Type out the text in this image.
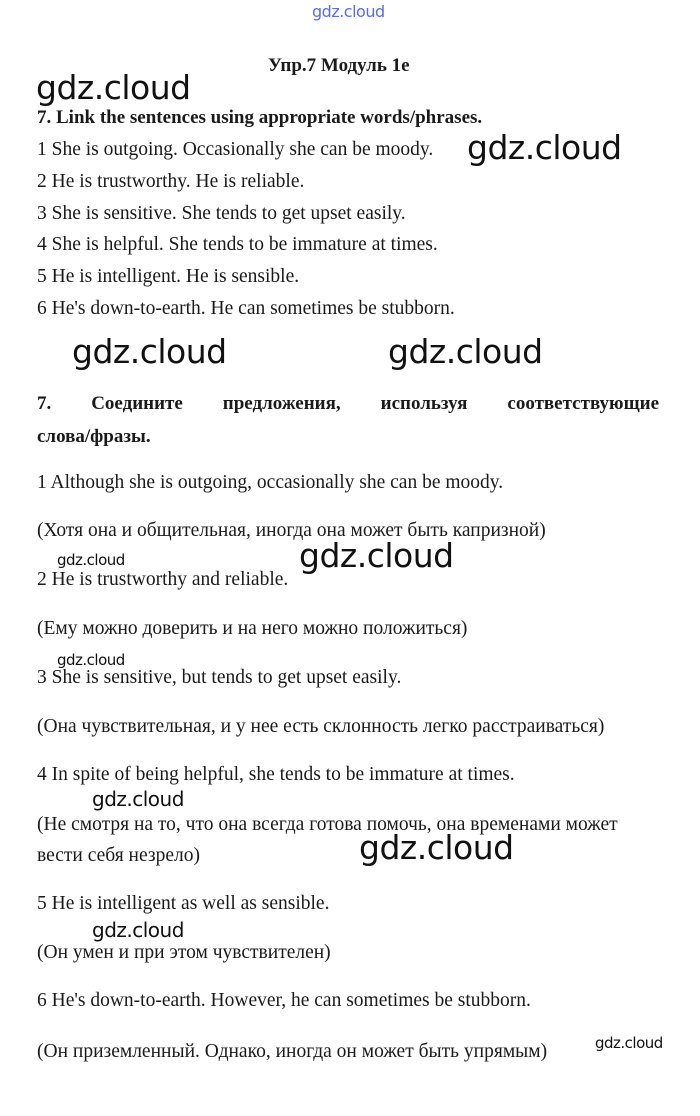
gdz.cloud
Упр.7 Модуль 1e
7. Link the sentences using appropriate words/phrases.
1 She is outgoing. Occasionally she can be moody.
2 He is trustworthy. He is reliable.
3 She is sensitive. She tends to get upset easily.
4 She is helpful. She tends to be immature at times.
5 He is intelligent. He is sensible.
6 He's down-to-earth. He can sometimes be stubborn.
7. Соедините предложения, используя соответствующие
слова/фразы.
1 Although she is outgoing, occasionally she can be moody.
(Хотя она и общительная, иногда она может быть капризной)
2 He is trustworthy and reliable.
(Ему можно доверить и на него можно положиться)
3 She is sensitive, but tends to get upset easily.
(Она чувствительная, и у нее есть склонность легко расстраиваться)
4 In spite of being helpful, she tends to be immature at times.
(Не смотря на то, что она всегда готова помочь, она временами может
вести себя незрело)
5 He is intelligent as well as sensible.
(Он умен и при этом чувствителен)
6 He's down-to-earth. However, he can sometimes be stubborn.
(Он приземленный. Однако, иногда он может быть упрямым)
gdz.cloud
gdz.cloud
gdz.cloud	gdz.cloud
gdz.cloud	gdz.cloud
gdz.cloud
gdz.cloud
gdz.cloud
gdz.cloud
gdz.cloud
